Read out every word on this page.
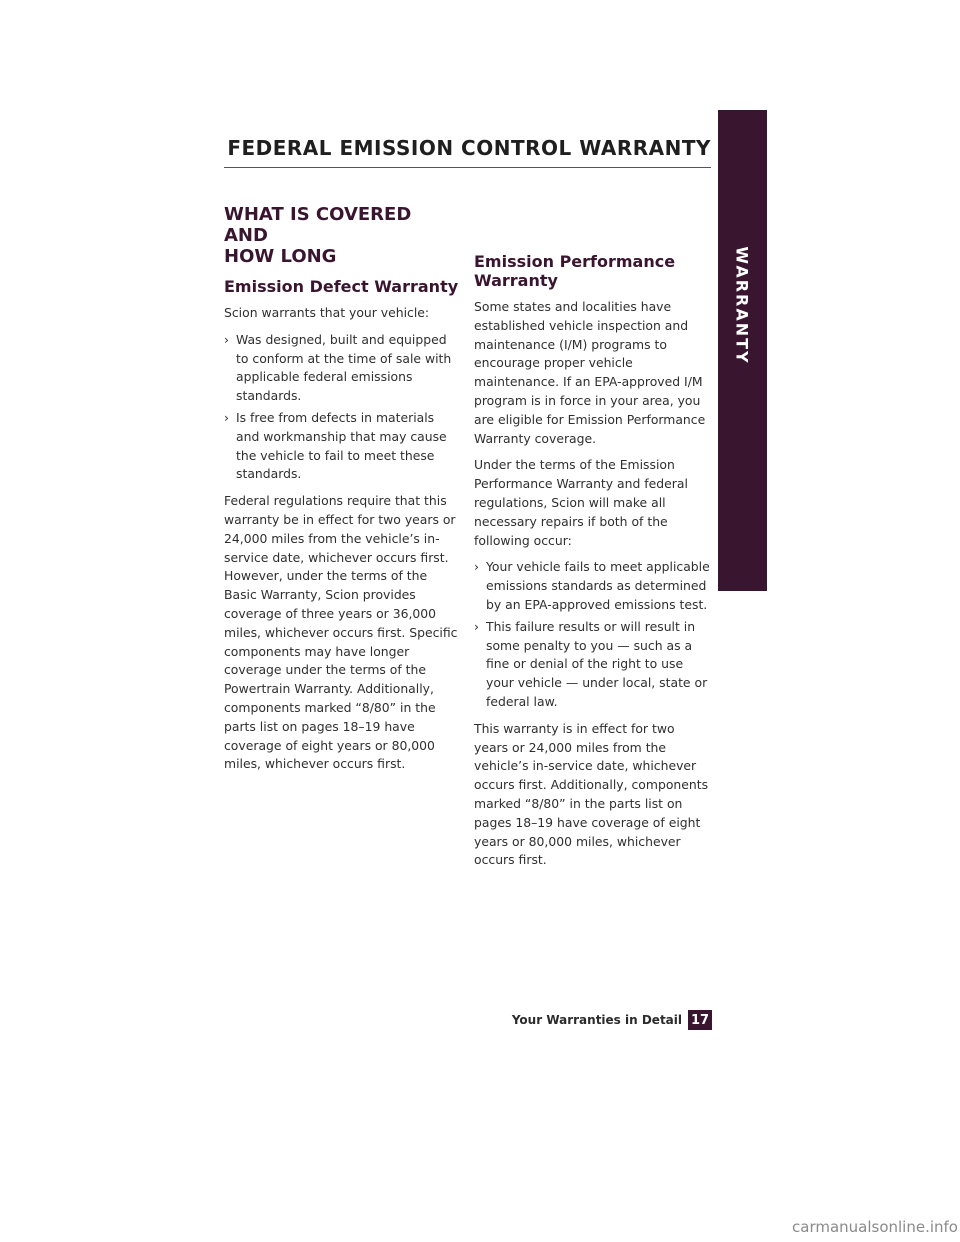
WARRANTY
FEDERAL EMISSION CONTROL WARRANTY
WHAT IS COVERED AND
HOW LONG
Emission Defect Warranty

Scion warrants that your vehicle:

› Was designed, built and equipped to conform at the time of sale with applicable federal emissions standards.
› Is free from defects in materials and workmanship that may cause the vehicle to fail to meet these standards.

Federal regulations require that this warranty be in effect for two years or 24,000 miles from the vehicle’s in-service date, whichever occurs first. However, under the terms of the Basic Warranty, Scion provides coverage of three years or 36,000 miles, whichever occurs first. Specific components may have longer coverage under the terms of the Powertrain Warranty. Additionally, components marked “8/80” in the parts list on pages 18–19 have coverage of eight years or 80,000 miles, whichever occurs first.

Emission Performance
Warranty

Some states and localities have established vehicle inspection and maintenance (I/M) programs to encourage proper vehicle maintenance. If an EPA-approved I/M program is in force in your area, you are eligible for Emission Performance Warranty coverage.

Under the terms of the Emission Performance Warranty and federal regulations, Scion will make all necessary repairs if both of the following occur:

› Your vehicle fails to meet applicable emissions standards as determined by an EPA-approved emissions test.
› This failure results or will result in some penalty to you — such as a fine or denial of the right to use your vehicle — under local, state or federal law.

This warranty is in effect for two years or 24,000 miles from the vehicle’s in-service date, whichever occurs first. Additionally, components marked “8/80” in the parts list on pages 18–19 have coverage of eight years or 80,000 miles, whichever occurs first.

Your Warranties in Detail 17
carmanualsonline.info
